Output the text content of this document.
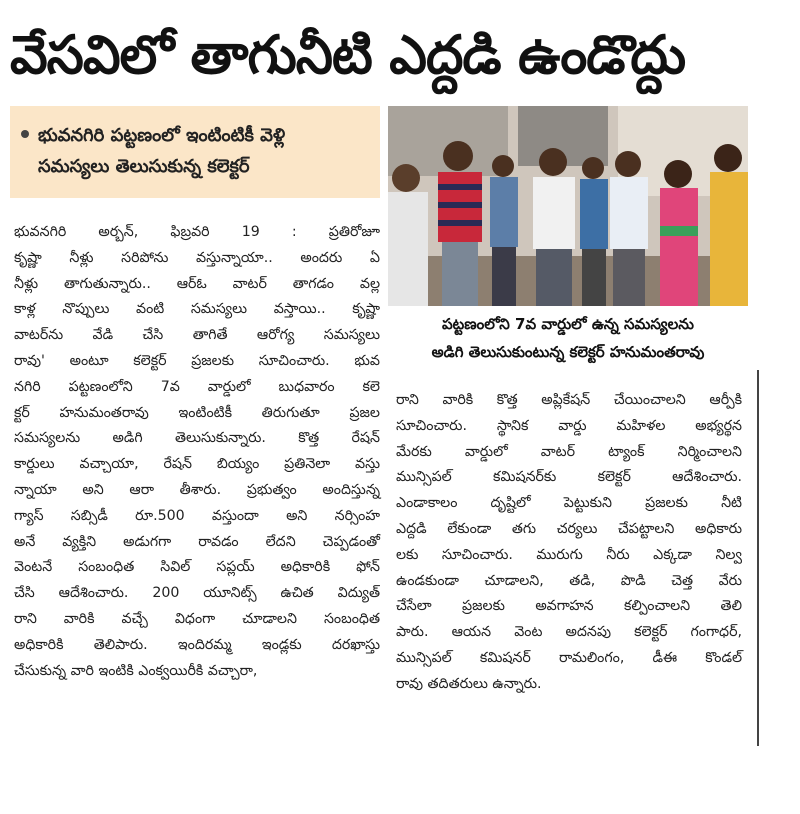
వేసవిలో తాగునీటి ఎద్దడి ఉండొద్దు
భువనగిరి పట్టణంలో ఇంటింటికీ వెళ్లి
సమస్యలు తెలుసుకున్న కలెక్టర్
పట్టణంలోని 7వ వార్డులో ఉన్న సమస్యలను
అడిగి తెలుసుకుంటున్న కలెక్టర్ హనుమంతరావు

భువనగిరి అర్బన్, ఫిబ్రవరి 19 : ప్రతిరోజూ

కృష్ణా నీళ్లు సరిపోను వస్తున్నాయా.. అందరు ఏ

నీళ్లు తాగుతున్నారు.. ఆర్ఓ వాటర్ తాగడం వల్ల

కాళ్ల నొప్పులు వంటి సమస్యలు వస్తాయి.. కృష్ణా

వాటర్‌ను వేడి చేసి తాగితే ఆరోగ్య సమస్యలు

రావు' అంటూ కలెక్టర్ ప్రజలకు సూచించారు. భువ

నగిరి పట్టణంలోని 7వ వార్డులో బుధవారం కలె

క్టర్ హనుమంతరావు ఇంటింటికీ తిరుగుతూ ప్రజల

సమస్యలను అడిగి తెలుసుకున్నారు. కొత్త రేషన్

కార్డులు వచ్చాయా, రేషన్ బియ్యం ప్రతినెలా వస్తు

న్నాయా అని ఆరా తీశారు. ప్రభుత్వం అందిస్తున్న

గ్యాస్ సబ్సిడీ రూ.500 వస్తుందా అని నర్సింహ

అనే వ్యక్తిని అడుగగా రావడం లేదని చెప్పడంతో

వెంటనే సంబంధిత సివిల్ సప్లయ్ అధికారికి ఫోన్

చేసి ఆదేశించారు. 200 యూనిట్స్ ఉచిత విద్యుత్

రాని వారికి వచ్చే విధంగా చూడాలని సంబంధిత

అధికారికి తెలిపారు. ఇందిరమ్మ ఇండ్లకు దరఖాస్తు

చేసుకున్న వారి ఇంటికి ఎంక్వయిరీకి వచ్చారా,

రాని వారికి కొత్త అప్లికేషన్ చేయించాలని ఆర్పీకి

సూచించారు. స్థానిక వార్డు మహిళల అభ్యర్థన

మేరకు వార్డులో వాటర్ ట్యాంక్ నిర్మించాలని

మున్సిపల్ కమిషనర్‌కు కలెక్టర్ ఆదేశించారు.

ఎండాకాలం దృష్టిలో పెట్టుకుని ప్రజలకు నీటి

ఎద్దడి లేకుండా తగు చర్యలు చేపట్టాలని అధికారు

లకు సూచించారు. మురుగు నీరు ఎక్కడా నిల్వ

ఉండకుండా చూడాలని, తడి, పొడి చెత్త వేరు

చేసేలా ప్రజలకు అవగాహన కల్పించాలని తెలి

పారు. ఆయన వెంట అదనపు కలెక్టర్ గంగాధర్,

మున్సిపల్ కమిషనర్ రామలింగం, డీఈ కొండల్

రావు తదితరులు ఉన్నారు.
